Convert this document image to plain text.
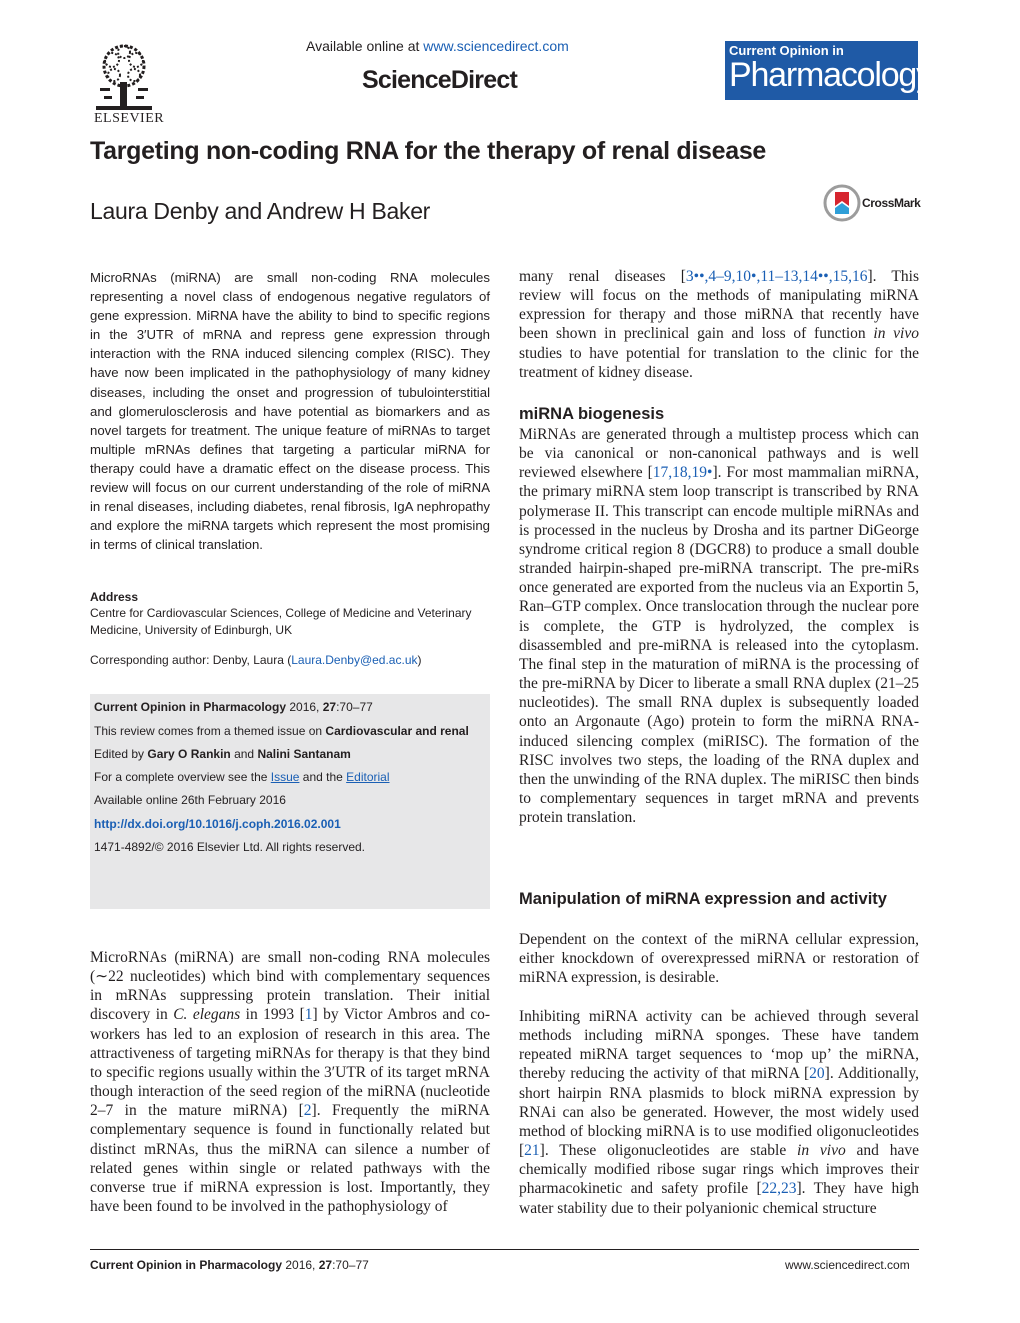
ELSEVIER
Available online at www.sciencedirect.com
ScienceDirect
Current Opinion in
Pharmacology
Targeting non-coding RNA for the therapy of renal disease
Laura Denby and Andrew H Baker	CrossMark
MicroRNAs (miRNA) are small non-coding RNA molecules representing a novel class of endogenous negative regulators of gene expression. MiRNA have the ability to bind to specific regions in the 3′UTR of mRNA and repress gene expression through interaction with the RNA induced silencing complex (RISC). They have now been implicated in the pathophysiology of many kidney diseases, including the onset and progression of tubulointerstitial and glomerulosclerosis and have potential as biomarkers and as novel targets for treatment. The unique feature of miRNAs to target multiple mRNAs defines that targeting a particular miRNA for therapy could have a dramatic effect on the disease process. This review will focus on our current understanding of the role of miRNA in renal diseases, including diabetes, renal fibrosis, IgA nephropathy and explore the miRNA targets which represent the most promising in terms of clinical translation.
Address
Centre for Cardiovascular Sciences, College of Medicine and Veterinary Medicine, University of Edinburgh, UK
Corresponding author: Denby, Laura (Laura.Denby@ed.ac.uk)
Current Opinion in Pharmacology 2016, 27:70–77
This review comes from a themed issue on Cardiovascular and renal
Edited by Gary O Rankin and Nalini Santanam
For a complete overview see the Issue and the Editorial
Available online 26th February 2016
http://dx.doi.org/10.1016/j.coph.2016.02.001
1471-4892/© 2016 Elsevier Ltd. All rights reserved.
MicroRNAs (miRNA) are small non-coding RNA molecules (∼22 nucleotides) which bind with complementary sequences in mRNAs suppressing protein translation. Their initial discovery in C. elegans in 1993 [1] by Victor Ambros and co-workers has led to an explosion of research in this area. The attractiveness of targeting miRNAs for therapy is that they bind to specific regions usually within the 3′UTR of its target mRNA though interaction of the seed region of the miRNA (nucleotide 2–7 in the mature miRNA) [2]. Frequently the miRNA complementary sequence is found in functionally related but distinct mRNAs, thus the miRNA can silence a number of related genes within single or related pathways with the converse true if miRNA expression is lost. Importantly, they have been found to be involved in the pathophysiology of
many renal diseases [3••,4–9,10•,11–13,14••,15,16]. This review will focus on the methods of manipulating miRNA expression for therapy and those miRNA that recently have been shown in preclinical gain and loss of function in vivo studies to have potential for translation to the clinic for the treatment of kidney disease.
miRNA biogenesis
MiRNAs are generated through a multistep process which can be via canonical or non-canonical pathways and is well reviewed elsewhere [17,18,19•]. For most mammalian miRNA, the primary miRNA stem loop transcript is transcribed by RNA polymerase II. This transcript can encode multiple miRNAs and is processed in the nucleus by Drosha and its partner DiGeorge syndrome critical region 8 (DGCR8) to produce a small double stranded hairpin-shaped pre-miRNA transcript. The pre-miRs once generated are exported from the nucleus via an Exportin 5, Ran–GTP complex. Once translocation through the nuclear pore is complete, the GTP is hydrolyzed, the complex is disassembled and pre-miRNA is released into the cytoplasm. The final step in the maturation of miRNA is the processing of the pre-miRNA by Dicer to liberate a small RNA duplex (21–25 nucleotides). The small RNA duplex is subsequently loaded onto an Argonaute (Ago) protein to form the miRNA RNA-induced silencing complex (miRISC). The formation of the RISC involves two steps, the loading of the RNA duplex and then the unwinding of the RNA duplex. The miRISC then binds to complementary sequences in target mRNA and prevents protein translation.
Manipulation of miRNA expression and activity
Dependent on the context of the miRNA cellular expression, either knockdown of overexpressed miRNA or restoration of miRNA expression, is desirable.
Inhibiting miRNA activity can be achieved through several methods including miRNA sponges. These have tandem repeated miRNA target sequences to ‘mop up’ the miRNA, thereby reducing the activity of that miRNA [20]. Additionally, short hairpin RNA plasmids to block miRNA expression by RNAi can also be generated. However, the most widely used method of blocking miRNA is to use modified oligonucleotides [21]. These oligonucleotides are stable in vivo and have chemically modified ribose sugar rings which improves their pharmacokinetic and safety profile [22,23]. They have high water stability due to their polyanionic chemical structure
Current Opinion in Pharmacology 2016, 27:70–77	www.sciencedirect.com
